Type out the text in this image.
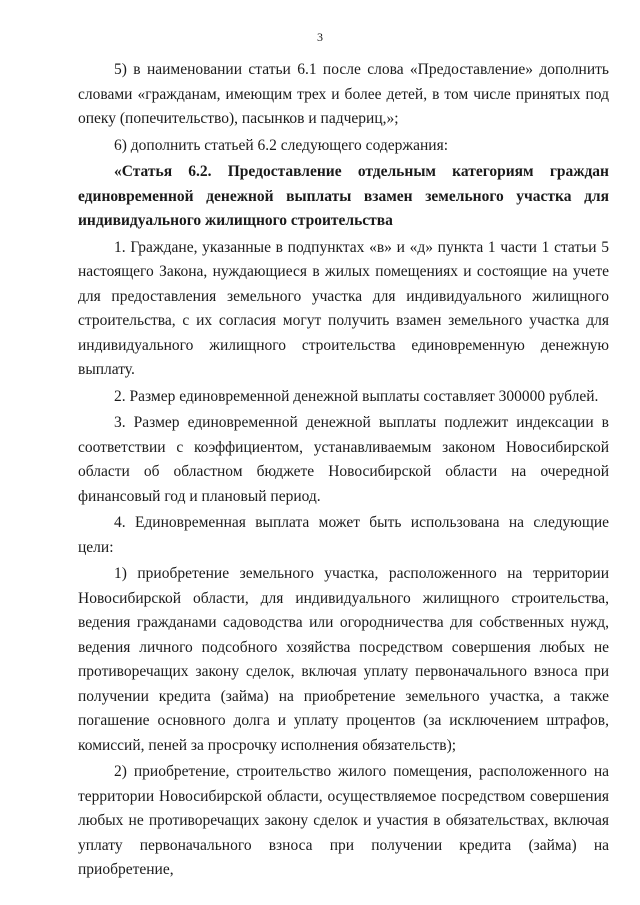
3

5) в наименовании статьи 6.1 после слова «Предоставление» дополнить словами «гражданам, имеющим трех и более детей, в том числе принятых под опеку (попечительство), пасынков и падчериц,»;

6) дополнить статьей 6.2 следующего содержания:

«Статья 6.2. Предоставление отдельным категориям граждан единовременной денежной выплаты взамен земельного участка для индивидуального жилищного строительства

1. Граждане, указанные в подпунктах «в» и «д» пункта 1 части 1 статьи 5 настоящего Закона, нуждающиеся в жилых помещениях и состоящие на учете для предоставления земельного участка для индивидуального жилищного строительства, с их согласия могут получить взамен земельного участка для индивидуального жилищного строительства единовременную денежную выплату.

2. Размер единовременной денежной выплаты составляет 300000 рублей.

3. Размер единовременной денежной выплаты подлежит индексации в соответствии с коэффициентом, устанавливаемым законом Новосибирской области об областном бюджете Новосибирской области на очередной финансовый год и плановый период.

4. Единовременная выплата может быть использована на следующие цели:

1) приобретение земельного участка, расположенного на территории Новосибирской области, для индивидуального жилищного строительства, ведения гражданами садоводства или огородничества для собственных нужд, ведения личного подсобного хозяйства посредством совершения любых не противоречащих закону сделок, включая уплату первоначального взноса при получении кредита (займа) на приобретение земельного участка, а также погашение основного долга и уплату процентов (за исключением штрафов, комиссий, пеней за просрочку исполнения обязательств);

2) приобретение, строительство жилого помещения, расположенного на территории Новосибирской области, осуществляемое посредством совершения любых не противоречащих закону сделок и участия в обязательствах, включая уплату первоначального взноса при получении кредита (займа) на приобретение,
